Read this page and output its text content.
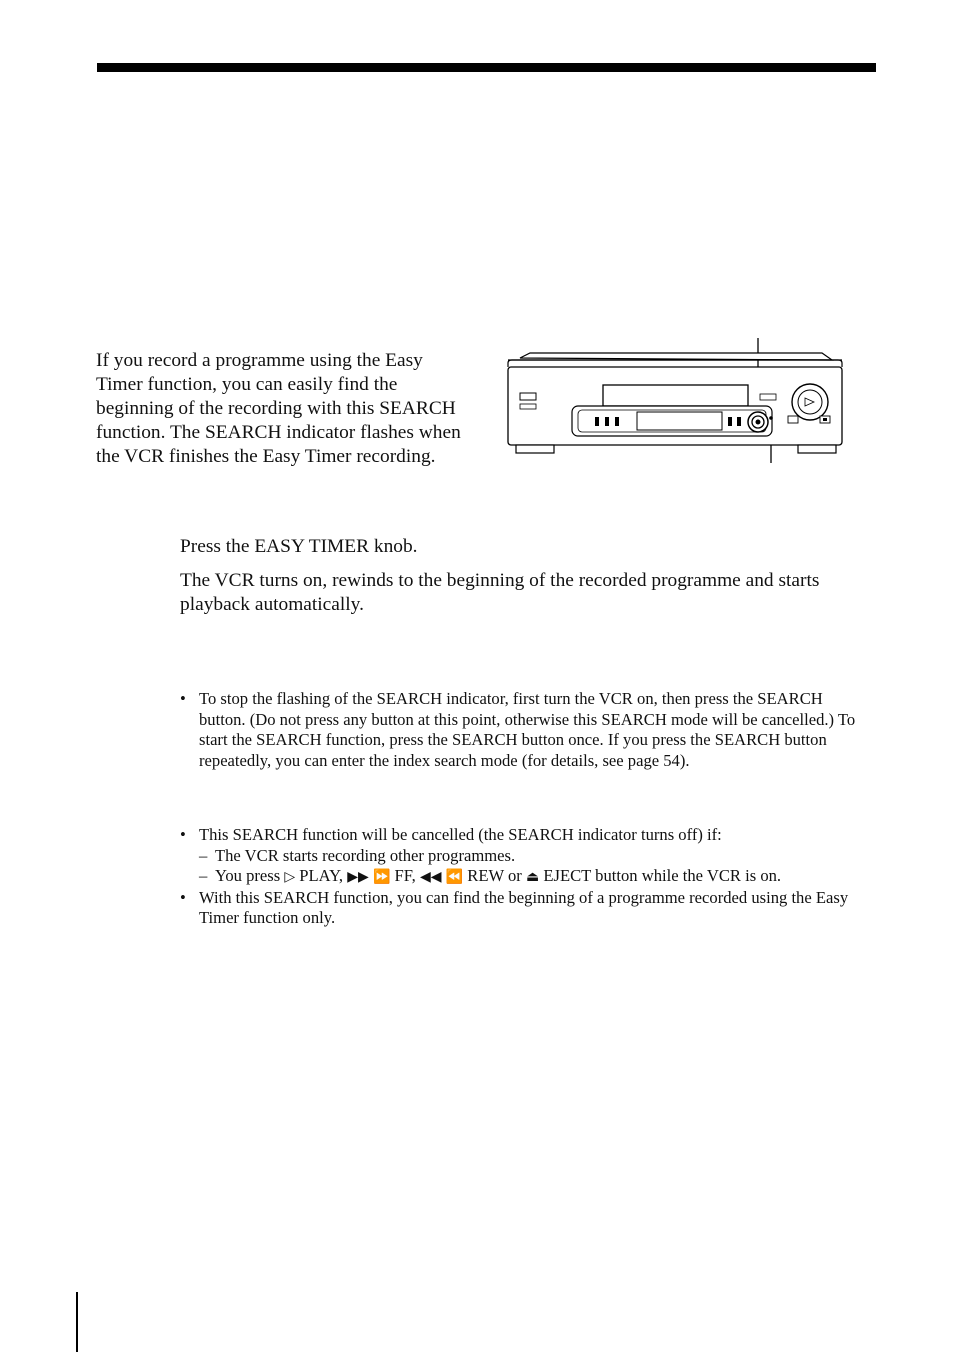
If you record a programme using the Easy Timer function, you can easily find the beginning of the recording with this SEARCH function. The SEARCH indicator flashes when the VCR finishes the Easy Timer recording.

Press the EASY TIMER knob.

The VCR turns on, rewinds to the beginning of the recorded programme and starts playback automatically.

• To stop the flashing of the SEARCH indicator, first turn the VCR on, then press the SEARCH button. (Do not press any button at this point, otherwise this SEARCH mode will be cancelled.) To start the SEARCH function, press the SEARCH button once. If you press the SEARCH button repeatedly, you can enter the index search mode (for details, see page 54).
• This SEARCH function will be cancelled (the SEARCH indicator turns off) if:
– The VCR starts recording other programmes.
– You press ▷ PLAY, ▶▶ ⏩ FF, ◀◀ ⏪ REW or ⏏ EJECT button while the VCR is on.
• With this SEARCH function, you can find the beginning of a programme recorded using the Easy Timer function only.
